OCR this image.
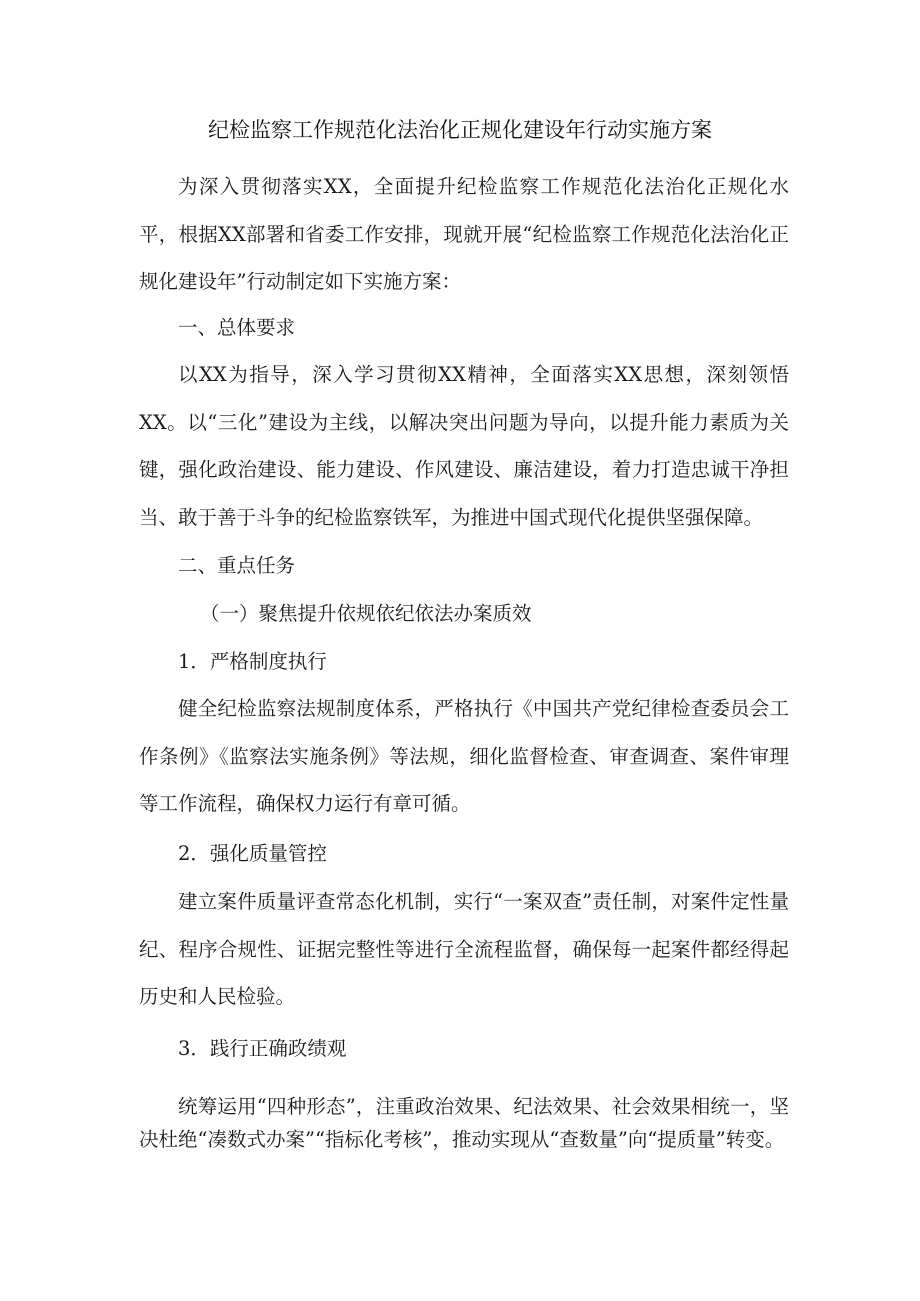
纪检监察工作规范化法治化正规化建设年行动实施方案

为深入贯彻落实XX，全面提升纪检监察工作规范化法治化正规化水平，根据XX部署和省委工作安排，现就开展“纪检监察工作规范化法治化正规化建设年”行动制定如下实施方案：

一、总体要求

以XX为指导，深入学习贯彻XX精神，全面落实XX思想，深刻领悟XX。以“三化”建设为主线，以解决突出问题为导向，以提升能力素质为关键，强化政治建设、能力建设、作风建设、廉洁建设，着力打造忠诚干净担当、敢于善于斗争的纪检监察铁军，为推进中国式现代化提供坚强保障。

二、重点任务

（一）聚焦提升依规依纪依法办案质效

1．严格制度执行

健全纪检监察法规制度体系，严格执行《中国共产党纪律检查委员会工作条例》《监察法实施条例》等法规，细化监督检查、审查调查、案件审理等工作流程，确保权力运行有章可循。

2．强化质量管控

建立案件质量评查常态化机制，实行“一案双查”责任制，对案件定性量纪、程序合规性、证据完整性等进行全流程监督，确保每一起案件都经得起历史和人民检验。

3．践行正确政绩观

统筹运用“四种形态”，注重政治效果、纪法效果、社会效果相统一，坚决杜绝“凑数式办案”“指标化考核”，推动实现从“查数量”向“提质量”转变。
